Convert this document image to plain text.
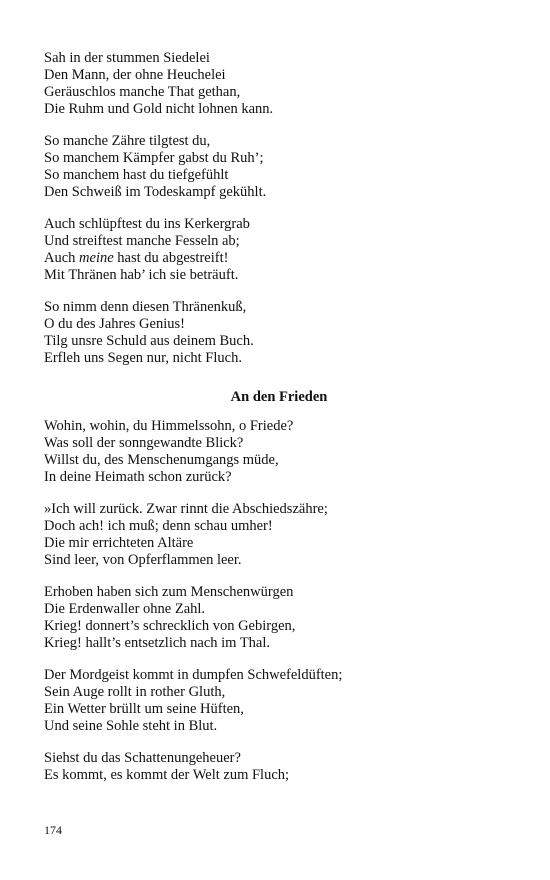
Sah in der stummen Siedelei
Den Mann, der ohne Heuchelei
Geräuschlos manche That gethan,
Die Ruhm und Gold nicht lohnen kann.
So manche Zähre tilgtest du,
So manchem Kämpfer gabst du Ruh’;
So manchem hast du tiefgefühlt
Den Schweiß im Todeskampf gekühlt.
Auch schlüpftest du ins Kerkergrab
Und streiftest manche Fesseln ab;
Auch meine hast du abgestreift!
Mit Thränen hab’ ich sie beträuft.
So nimm denn diesen Thränenkuß,
O du des Jahres Genius!
Tilg unsre Schuld aus deinem Buch.
Erfleh uns Segen nur, nicht Fluch.
An den Frieden
Wohin, wohin, du Himmelssohn, o Friede?
Was soll der sonngewandte Blick?
Willst du, des Menschenumgangs müde,
In deine Heimath schon zurück?
»Ich will zurück. Zwar rinnt die Abschiedszähre;
Doch ach! ich muß; denn schau umher!
Die mir errichteten Altäre
Sind leer, von Opferflammen leer.
Erhoben haben sich zum Menschenwürgen
Die Erdenwaller ohne Zahl.
Krieg! donnert’s schrecklich von Gebirgen,
Krieg! hallt’s entsetzlich nach im Thal.
Der Mordgeist kommt in dumpfen Schwefeldüften;
Sein Auge rollt in rother Gluth,
Ein Wetter brüllt um seine Hüften,
Und seine Sohle steht in Blut.
Siehst du das Schattenungeheuer?
Es kommt, es kommt der Welt zum Fluch;
174
